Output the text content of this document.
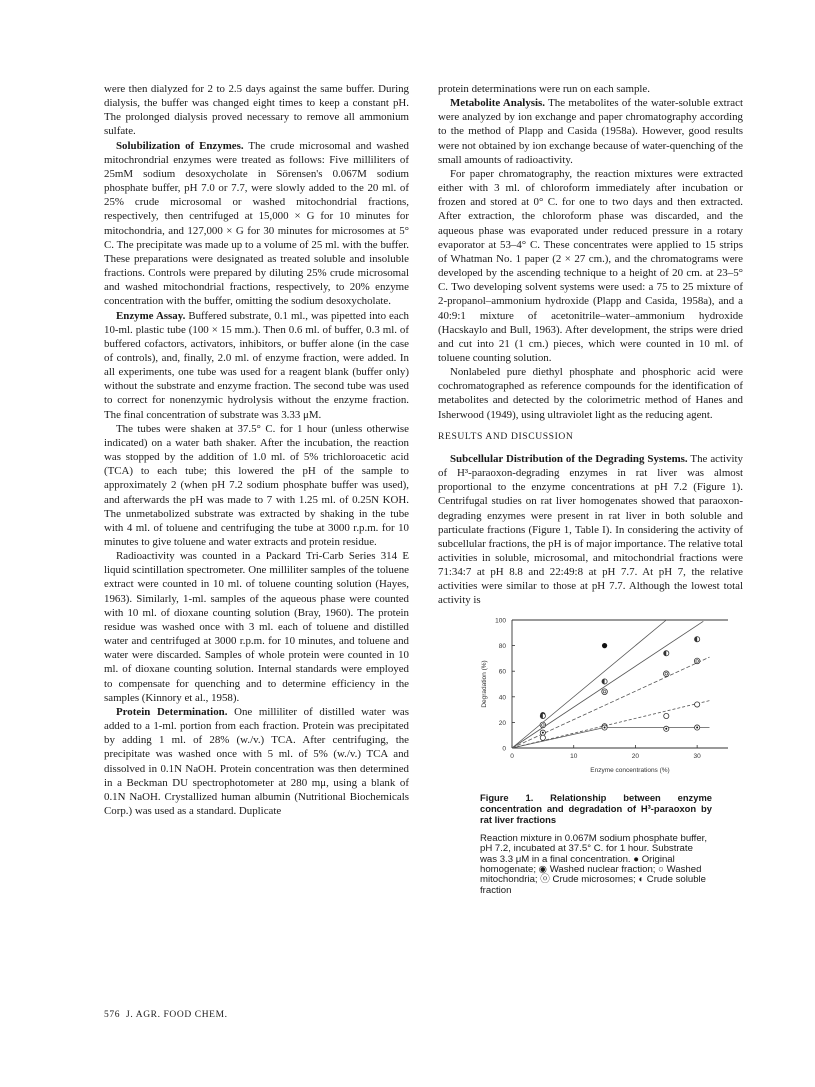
were then dialyzed for 2 to 2.5 days against the same buffer. During dialysis, the buffer was changed eight times to keep a constant pH. The prolonged dialysis proved necessary to remove all ammonium sulfate.

Solubilization of Enzymes. The crude microsomal and washed mitochrondrial enzymes were treated as follows: Five milliliters of 25mM sodium desoxycholate in Sörensen's 0.067M sodium phosphate buffer, pH 7.0 or 7.7, were slowly added to the 20 ml. of 25% crude microsomal or washed mitochondrial fractions, respectively, then centrifuged at 15,000 × G for 10 minutes for mitochondria, and 127,000 × G for 30 minutes for microsomes at 5° C. The precipitate was made up to a volume of 25 ml. with the buffer. These preparations were designated as treated soluble and insoluble fractions. Controls were prepared by diluting 25% crude microsomal and washed mitochondrial fractions, respectively, to 20% enzyme concentration with the buffer, omitting the sodium desoxycholate.

Enzyme Assay. Buffered substrate, 0.1 ml., was pipetted into each 10-ml. plastic tube (100 × 15 mm.). Then 0.6 ml. of buffer, 0.3 ml. of buffered cofactors, activators, inhibitors, or buffer alone (in the case of controls), and, finally, 2.0 ml. of enzyme fraction, were added. In all experiments, one tube was used for a reagent blank (buffer only) without the substrate and enzyme fraction. The second tube was used to correct for nonenzymic hydrolysis without the enzyme fraction. The final concentration of substrate was 3.33 μM.

The tubes were shaken at 37.5° C. for 1 hour (unless otherwise indicated) on a water bath shaker. After the incubation, the reaction was stopped by the addition of 1.0 ml. of 5% trichloroacetic acid (TCA) to each tube; this lowered the pH of the sample to approximately 2 (when pH 7.2 sodium phosphate buffer was used), and afterwards the pH was made to 7 with 1.25 ml. of 0.25N KOH. The unmetabolized substrate was extracted by shaking in the tube with 4 ml. of toluene and centrifuging the tube at 3000 r.p.m. for 10 minutes to give toluene and water extracts and protein residue.

Radioactivity was counted in a Packard Tri-Carb Series 314 E liquid scintillation spectrometer. One milliliter samples of the toluene extract were counted in 10 ml. of toluene counting solution (Hayes, 1963). Similarly, 1-ml. samples of the aqueous phase were counted with 10 ml. of dioxane counting solution (Bray, 1960). The protein residue was washed once with 3 ml. each of toluene and distilled water and centrifuged at 3000 r.p.m. for 10 minutes, and toluene and water were discarded. Samples of whole protein were counted in 10 ml. of dioxane counting solution. Internal standards were employed to compensate for quenching and to determine efficiency in the samples (Kinnory et al., 1958).

Protein Determination. One milliliter of distilled water was added to a 1-ml. portion from each fraction. Protein was precipitated by adding 1 ml. of 28% (w./v.) TCA. After centrifuging, the precipitate was washed once with 5 ml. of 5% (w./v.) TCA and dissolved in 0.1N NaOH. Protein concentration was then determined in a Beckman DU spectrophotometer at 280 mμ, using a blank of 0.1N NaOH. Crystallized human albumin (Nutritional Biochemicals Corp.) was used as a standard. Duplicate

protein determinations were run on each sample.

Metabolite Analysis. The metabolites of the water-soluble extract were analyzed by ion exchange and paper chromatography according to the method of Plapp and Casida (1958a). However, good results were not obtained by ion exchange because of water-quenching of the small amounts of radioactivity.

For paper chromatography, the reaction mixtures were extracted either with 3 ml. of chloroform immediately after incubation or frozen and stored at 0° C. for one to two days and then extracted. After extraction, the chloroform phase was discarded, and the aqueous phase was evaporated under reduced pressure in a rotary evaporator at 53–4° C. These concentrates were applied to 15 strips of Whatman No. 1 paper (2 × 27 cm.), and the chromatograms were developed by the ascending technique to a height of 20 cm. at 23–5° C. Two developing solvent systems were used: a 75 to 25 mixture of 2-propanol–ammonium hydroxide (Plapp and Casida, 1958a), and a 40:9:1 mixture of acetonitrile–water–ammonium hydroxide (Hacskaylo and Bull, 1963). After development, the strips were dried and cut into 21 (1 cm.) pieces, which were counted in 10 ml. of toluene counting solution.

Nonlabeled pure diethyl phosphate and phosphoric acid were cochromatographed as reference compounds for the identification of metabolites and detected by the colorimetric method of Hanes and Isherwood (1949), using ultraviolet light as the reducing agent.

RESULTS AND DISCUSSION

Subcellular Distribution of the Degrading Systems. The activity of H³-paraoxon-degrading enzymes in rat liver was almost proportional to the enzyme concentrations at pH 7.2 (Figure 1). Centrifugal studies on rat liver homogenates showed that paraoxon-degrading enzymes were present in rat liver in both soluble and particulate fractions (Figure 1, Table I). In considering the activity of subcellular fractions, the pH is of major importance. The relative total activities in soluble, microsomal, and mitochondrial fractions were 71:34:7 at pH 8.8 and 22:49:8 at pH 7.7. At pH 7, the relative activities were similar to those at pH 7.7. Although the lowest total activity is

0
20
40
60
80
100
0	10	20	30
Degradation (%)
Enzyme concentrations (%)
Figure 1. Relationship between enzyme concentration and degradation of H³-paraoxon by rat liver fractions
Reaction mixture in 0.067M sodium phosphate buffer, pH 7.2, incubated at 37.5° C. for 1 hour. Substrate was 3.3 μM in a final concentration. ● Original homogenate; ◉ Washed nuclear fraction; ○ Washed mitochondria; ⓞ Crude microsomes; ◐ Crude soluble fraction
576 J. AGR. FOOD CHEM.
